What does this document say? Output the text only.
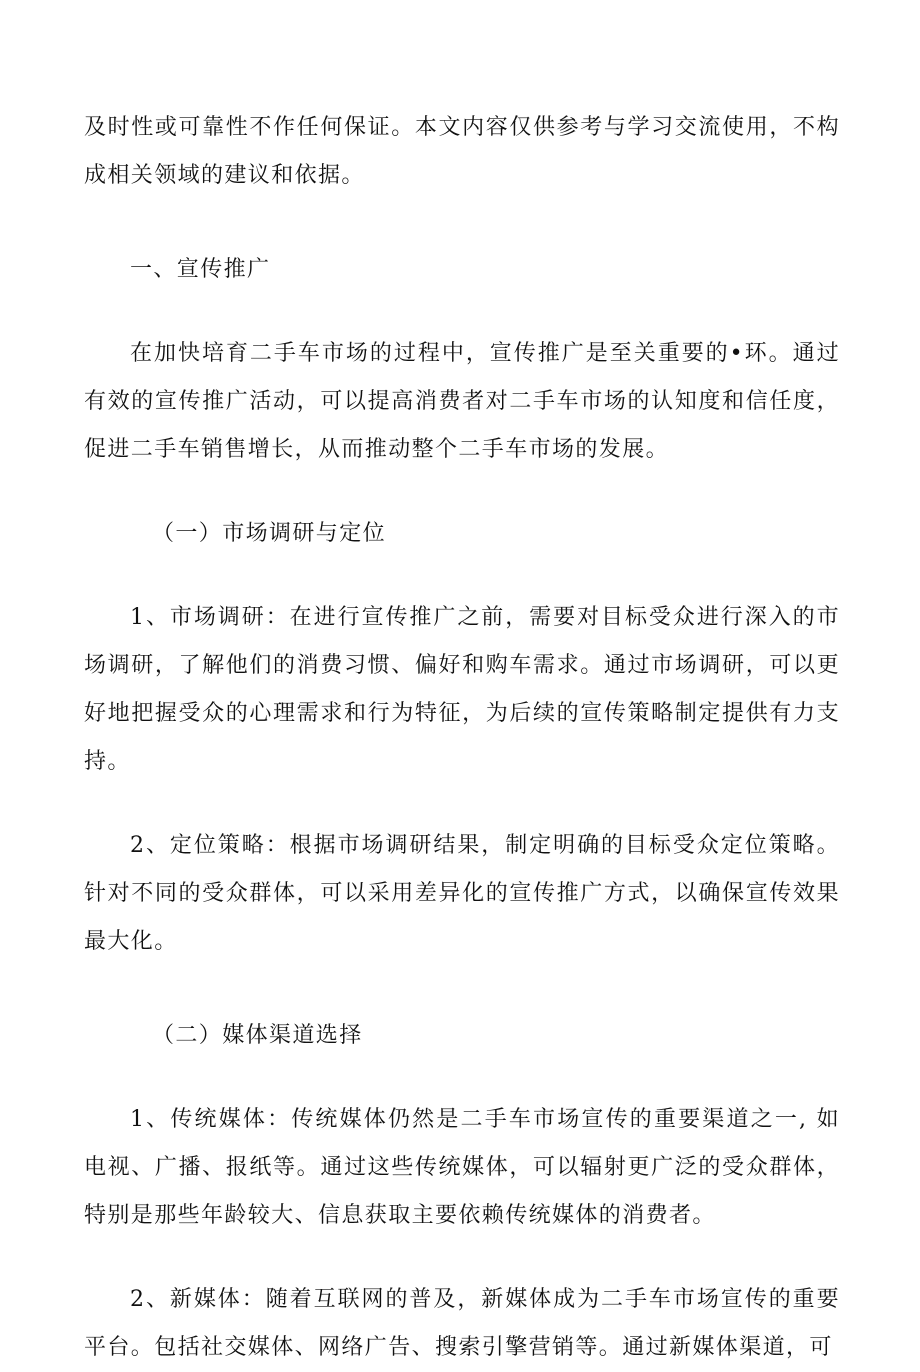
及时性或可靠性不作任何保证。本文内容仅供参考与学习交流使用，不构成相关领域的建议和依据。

一、宣传推广

在加快培育二手车市场的过程中，宣传推广是至关重要的•环。通过有效的宣传推广活动，可以提高消费者对二手车市场的认知度和信任度，促进二手车销售增长，从而推动整个二手车市场的发展。

（一）市场调研与定位

1、市场调研：在进行宣传推广之前，需要对目标受众进行深入的市场调研，了解他们的消费习惯、偏好和购车需求。通过市场调研，可以更好地把握受众的心理需求和行为特征，为后续的宣传策略制定提供有力支持。

2、定位策略：根据市场调研结果，制定明确的目标受众定位策略。针对不同的受众群体，可以采用差异化的宣传推广方式，以确保宣传效果最大化。

（二）媒体渠道选择

1、传统媒体：传统媒体仍然是二手车市场宣传的重要渠道之一, 如电视、广播、报纸等。通过这些传统媒体，可以辐射更广泛的受众群体，特别是那些年龄较大、信息获取主要依赖传统媒体的消费者。

2、新媒体：随着互联网的普及，新媒体成为二手车市场宣传的重要平台。包括社交媒体、网络广告、搜索引擎营销等。通过新媒体渠道，可
